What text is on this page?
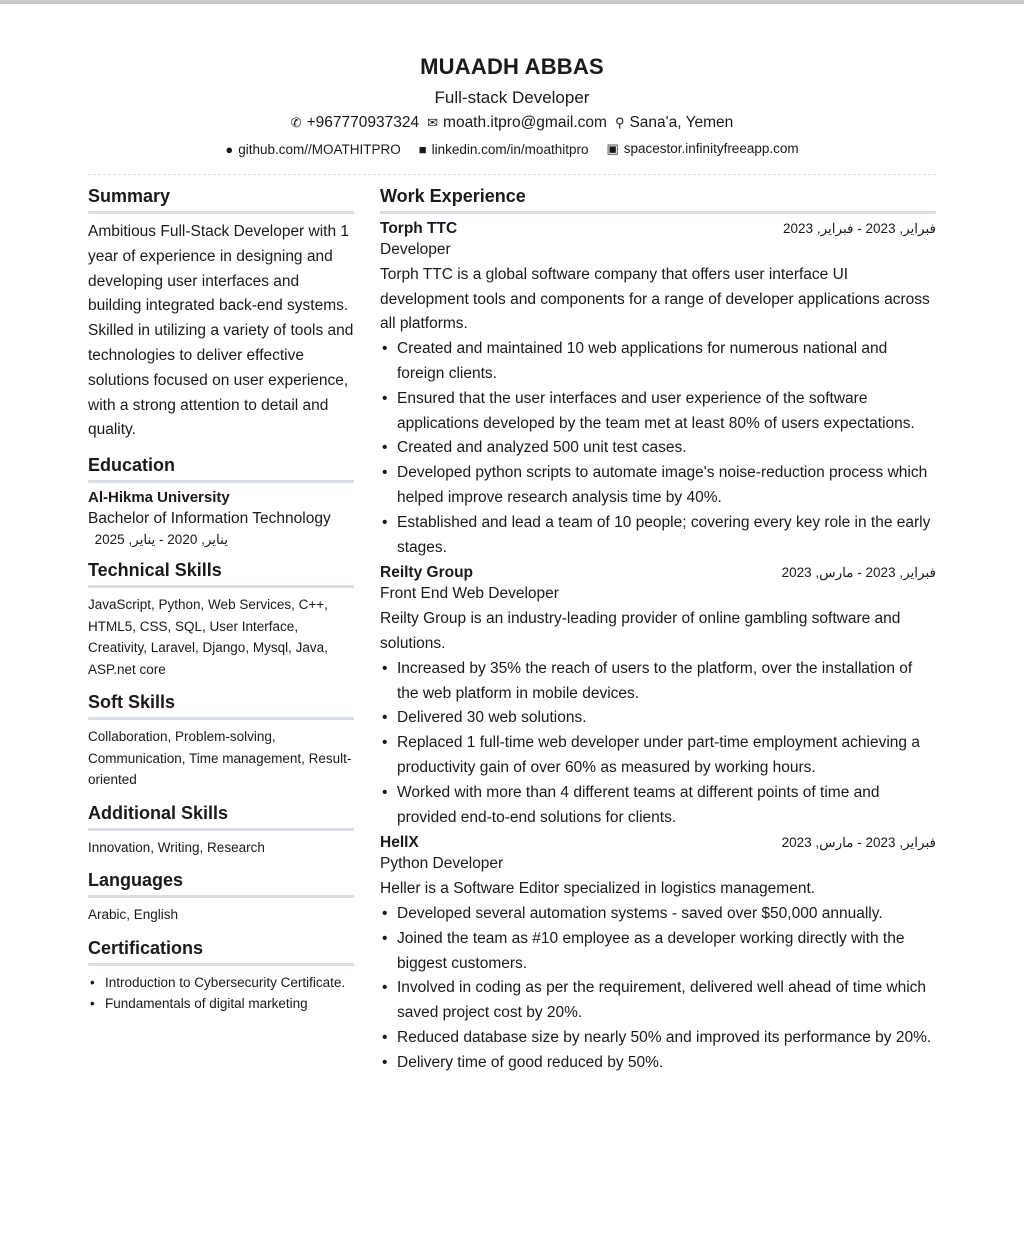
MUAADH ABBAS
Full-stack Developer
✆ +967770937324 ✉ moath.itpro@gmail.com ⚲ Sana'a, Yemen
● github.com//MOATHITPRO ■ linkedin.com/in/moathitpro ▣ spacestor.infinityfreeapp.com
Summary
Ambitious Full-Stack Developer with 1 year of experience in designing and developing user interfaces and building integrated back-end systems. Skilled in utilizing a variety of tools and technologies to deliver effective solutions focused on user experience, with a strong attention to detail and quality.
Education
Al-Hikma University
Bachelor of Information Technology
يناير, 2020 - يناير, 2025
Technical Skills
JavaScript, Python, Web Services, C++, HTML5, CSS, SQL, User Interface, Creativity, Laravel, Django, Mysql, Java, ASP.net core
Soft Skills
Collaboration, Problem-solving, Communication, Time management, Result-oriented
Additional Skills
Innovation, Writing, Research
Languages
Arabic, English
Certifications
• Introduction to Cybersecurity Certificate.
• Fundamentals of digital marketing
Work Experience
Torph TTC	فبراير, 2023 - فبراير, 2023
Developer
Torph TTC is a global software company that offers user interface UI development tools and components for a range of developer applications across all platforms.
• Created and maintained 10 web applications for numerous national and foreign clients.
• Ensured that the user interfaces and user experience of the software applications developed by the team met at least 80% of users expectations.
• Created and analyzed 500 unit test cases.
• Developed python scripts to automate image's noise-reduction process which helped improve research analysis time by 40%.
• Established and lead a team of 10 people; covering every key role in the early stages.
Reilty Group	فبراير, 2023 - مارس, 2023
Front End Web Developer
Reilty Group is an industry-leading provider of online gambling software and solutions.
• Increased by 35% the reach of users to the platform, over the installation of the web platform in mobile devices.
• Delivered 30 web solutions.
• Replaced 1 full-time web developer under part-time employment achieving a productivity gain of over 60% as measured by working hours.
• Worked with more than 4 different teams at different points of time and provided end-to-end solutions for clients.
HellX	فبراير, 2023 - مارس, 2023
Python Developer
Heller is a Software Editor specialized in logistics management.
• Developed several automation systems - saved over $50,000 annually.
• Joined the team as #10 employee as a developer working directly with the biggest customers.
• Involved in coding as per the requirement, delivered well ahead of time which saved project cost by 20%.
• Reduced database size by nearly 50% and improved its performance by 20%.
• Delivery time of good reduced by 50%.
